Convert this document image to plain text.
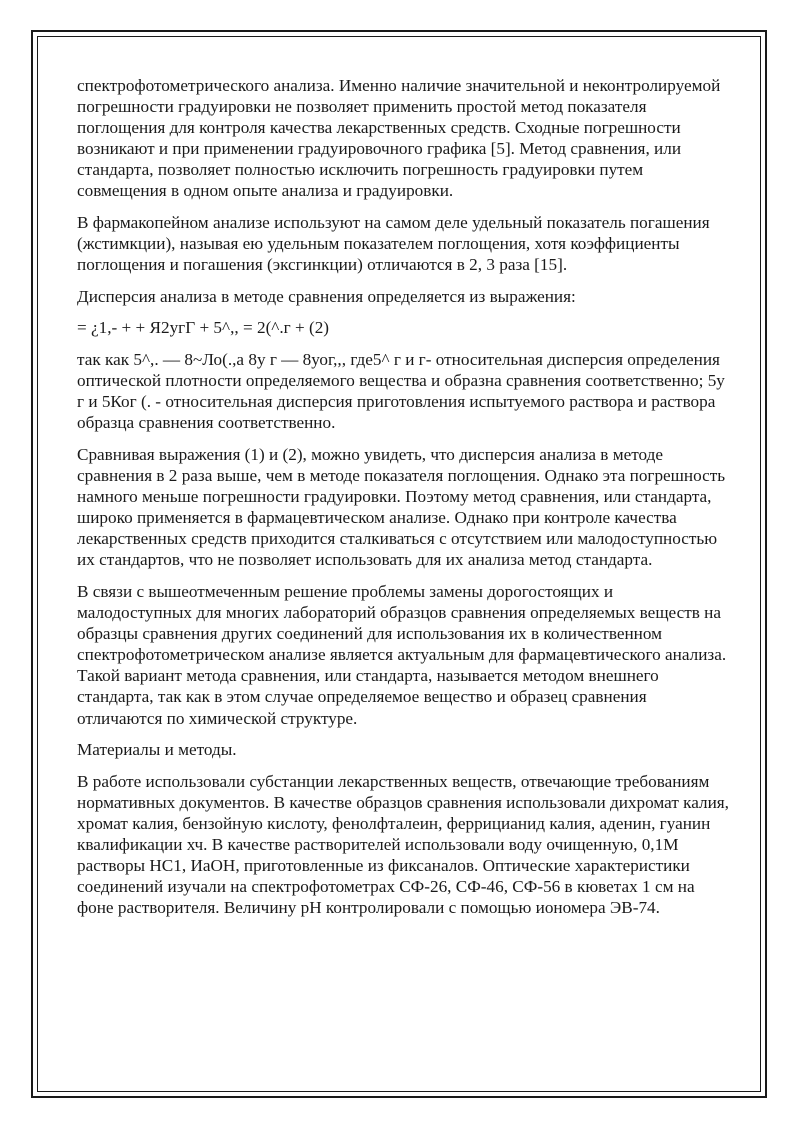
спектрофотометрического анализа. Именно наличие значительной и неконтролируемой погрешности градуировки не позволяет применить простой метод показателя поглощения для контроля качества лекарственных средств. Сходные погрешности возникают и при применении градуировочного графика [5]. Метод сравнения, или стандарта, позволяет полностью исключить погрешность градуировки путем совмещения в одном опыте анализа и градуировки.

В фармакопейном анализе используют на самом деле удельный показатель погашения (жстимкции), называя ею удельным показателем поглощения, хотя коэффициенты поглощения и погашения (эксгинкции) отличаются в 2, 3 раза [15].

Дисперсия анализа в методе сравнения определяется из выражения:

= ¿1,- + + Я2угГ + 5^,, = 2(^.г + (2)

так как 5^,. — 8~Ло(.,а 8у г — 8уог,,, где5^ г и г- относительная дисперсия определения оптической плотности определяемого вещества и образна сравнения соответственно; 5у г и 5Ког (. - относительная дисперсия приготовления испытуемого раствора и раствора образца сравнения соответственно.

Сравнивая выражения (1) и (2), можно увидеть, что дисперсия анализа в методе сравнения в 2 раза выше, чем в методе показателя поглощения. Однако эта погрешность намного меньше погрешности градуировки. Поэтому метод сравнения, или стандарта, широко применяется в фармацевтическом анализе. Однако при контроле качества лекарственных средств приходится сталкиваться с отсутствием или малодоступностью их стандартов, что не позволяет использовать для их анализа метод стандарта.

В связи с вышеотмеченным решение проблемы замены дорогостоящих и малодоступных для многих лабораторий образцов сравнения определяемых веществ на образцы сравнения других соединений для использования их в количественном спектрофотометрическом анализе является актуальным для фармацевтического анализа. Такой вариант метода сравнения, или стандарта, называется методом внешнего стандарта, так как в этом случае определяемое вещество и образец сравнения отличаются по химической структуре.

Материалы и методы.

В работе использовали субстанции лекарственных веществ, отвечающие требованиям нормативных документов. В качестве образцов сравнения использовали дихромат калия, хромат калия, бензойную кислоту, фенолфталеин, феррицианид калия, аденин, гуанин квалификации хч. В качестве растворителей использовали воду очищенную, 0,1М растворы НС1, ИаОН, приготовленные из фиксаналов. Оптические характеристики соединений изучали на спектрофотометрах СФ-26, СФ-46, СФ-56 в кюветах 1 см на фоне растворителя. Величину рН контролировали с помощью иономера ЭВ-74.
